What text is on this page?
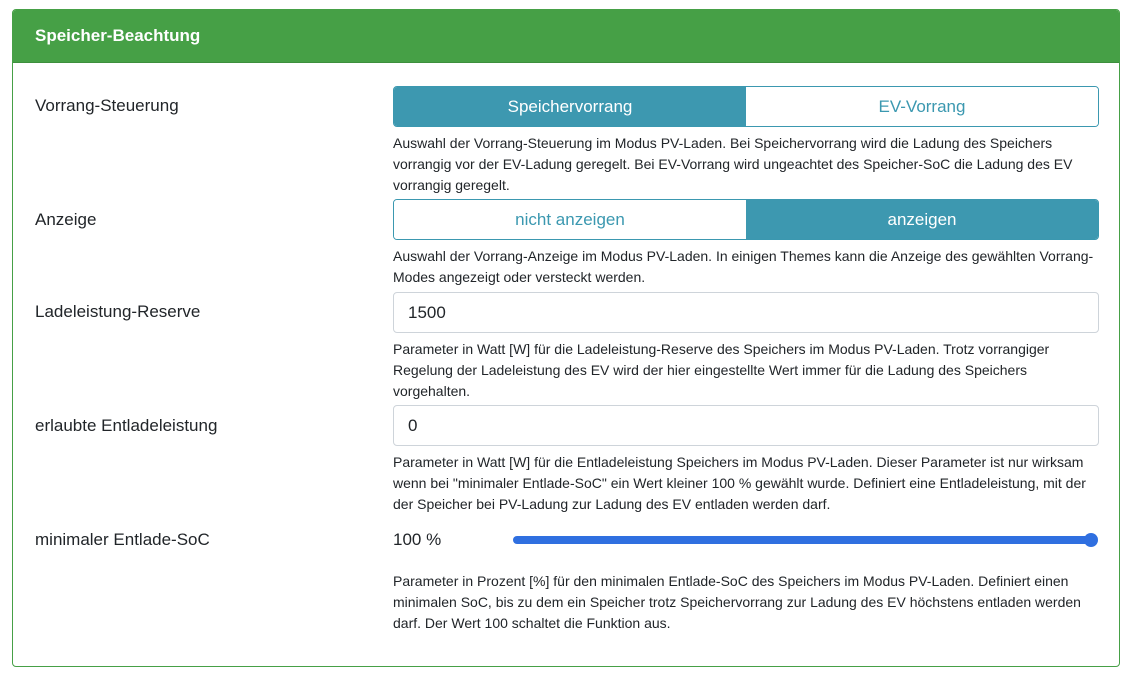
Speicher-Beachtung
Vorrang-Steuerung	Speichervorrang	EV-Vorrang
Auswahl der Vorrang-Steuerung im Modus PV-Laden. Bei Speichervorrang wird die Ladung des Speichers vorrangig vor der EV-Ladung geregelt. Bei EV-Vorrang wird ungeachtet des Speicher-SoC die Ladung des EV vorrangig geregelt.
Anzeige	nicht anzeigen	anzeigen
Auswahl der Vorrang-Anzeige im Modus PV-Laden. In einigen Themes kann die Anzeige des gewählten Vorrang-Modes angezeigt oder versteckt werden.
Ladeleistung-Reserve	1500
Parameter in Watt [W] für die Ladeleistung-Reserve des Speichers im Modus PV-Laden. Trotz vorrangiger Regelung der Ladeleistung des EV wird der hier eingestellte Wert immer für die Ladung des Speichers vorgehalten.
erlaubte Entladeleistung	0
Parameter in Watt [W] für die Entladeleistung Speichers im Modus PV-Laden. Dieser Parameter ist nur wirksam wenn bei "minimaler Entlade-SoC" ein Wert kleiner 100 % gewählt wurde. Definiert eine Entladeleistung, mit der der Speicher bei PV-Ladung zur Ladung des EV entladen werden darf.
minimaler Entlade-SoC	100 %
Parameter in Prozent [%] für den minimalen Entlade-SoC des Speichers im Modus PV-Laden. Definiert einen minimalen SoC, bis zu dem ein Speicher trotz Speichervorrang zur Ladung des EV höchstens entladen werden darf. Der Wert 100 schaltet die Funktion aus.
